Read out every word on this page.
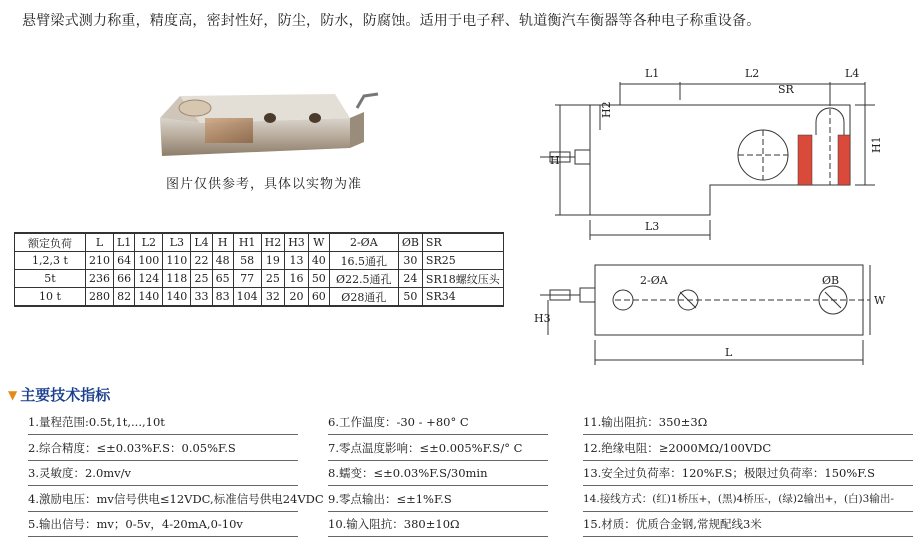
悬臂梁式测力称重，精度高，密封性好，防尘，防水，防腐蚀。适用于电子秤、轨道衡汽车衡器等各种电子称重设备。
图片仅供参考，具体以实物为准
额定负荷	L	L1	L2	L3	L4	H	H1	H2	H3	W	2-ØA	ØB	SR
1,2,3 t	210	64	100	110	22	48	58	19	13	40	16.5通孔	30	SR25
5t	236	66	124	118	25	65	77	25	16	50	Ø22.5通孔	24	SR18螺纹压头
10 t	280	82	140	140	33	83	104	32	20	60	Ø28通孔	50	SR34
L1	L2	L4
SR
H1
H
H2
L3
2-ØA	ØB
W
H3
L
▼ 主要技术指标
1.量程范围:0.5t,1t,...,10t
2.综合精度：≤±0.03%F.S：0.05%F.S
3.灵敏度：2.0mv/v
4.激励电压：mv信号供电≤12VDC,标准信号供电24VDC
5.输出信号：mv；0-5v，4-20mA,0-10v
6.工作温度：-30 - +80° C
7.零点温度影响：≤±0.005%F.S/° C
8.蠕变：≤±0.03%F.S/30min
9.零点输出：≤±1%F.S
10.输入阻抗：380±10Ω
11.输出阻抗：350±3Ω
12.绝缘电阻：≥2000MΩ/100VDC
13.安全过负荷率：120%F.S；极限过负荷率：150%F.S
14.接线方式：(红)1桥压+，(黑)4桥压-，(绿)2输出+，(白)3输出-
15.材质：优质合金钢,常规配线3米
